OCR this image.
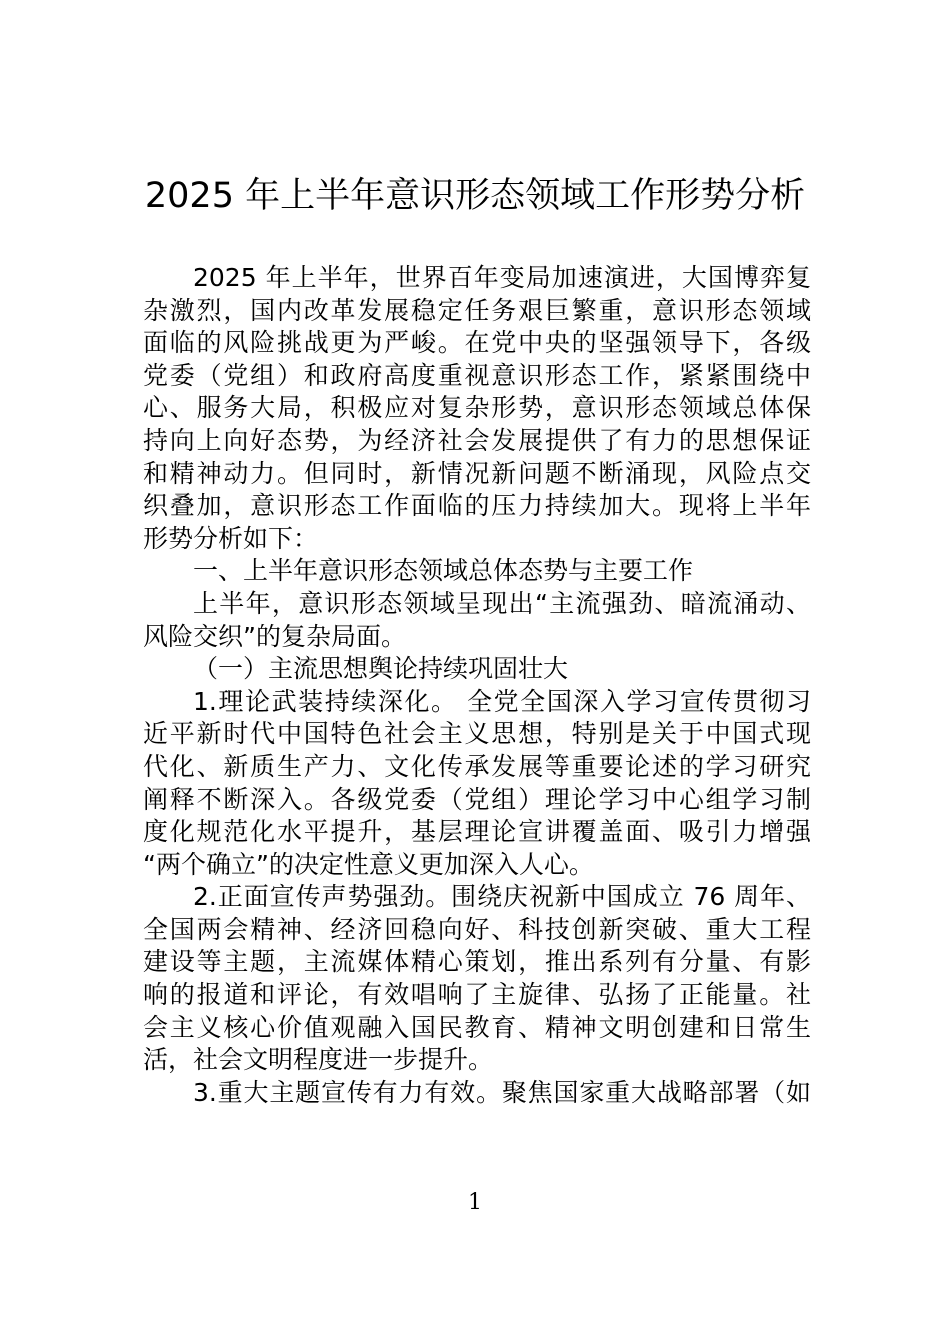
2025 年上半年意识形态领域工作形势分析
2025 年上半年，世界百年变局加速演进，大国博弈复
杂激烈，国内改革发展稳定任务艰巨繁重，意识形态领域
面临的风险挑战更为严峻。在党中央的坚强领导下，各级
党委（党组）和政府高度重视意识形态工作，紧紧围绕中
心、服务大局，积极应对复杂形势，意识形态领域总体保
持向上向好态势，为经济社会发展提供了有力的思想保证
和精神动力。但同时，新情况新问题不断涌现，风险点交
织叠加，意识形态工作面临的压力持续加大。现将上半年
形势分析如下：
一、上半年意识形态领域总体态势与主要工作
上半年，意识形态领域呈现出“主流强劲、暗流涌动、
风险交织”的复杂局面。
（一）主流思想舆论持续巩固壮大
1.理论武装持续深化。 全党全国深入学习宣传贯彻习
近平新时代中国特色社会主义思想，特别是关于中国式现
代化、新质生产力、文化传承发展等重要论述的学习研究
阐释不断深入。各级党委（党组）理论学习中心组学习制
度化规范化水平提升，基层理论宣讲覆盖面、吸引力增强
“两个确立”的决定性意义更加深入人心。
2.正面宣传声势强劲。围绕庆祝新中国成立 76 周年、
全国两会精神、经济回稳向好、科技创新突破、重大工程
建设等主题，主流媒体精心策划，推出系列有分量、有影
响的报道和评论，有效唱响了主旋律、弘扬了正能量。社
会主义核心价值观融入国民教育、精神文明创建和日常生
活，社会文明程度进一步提升。
3.重大主题宣传有力有效。聚焦国家重大战略部署（如
1
